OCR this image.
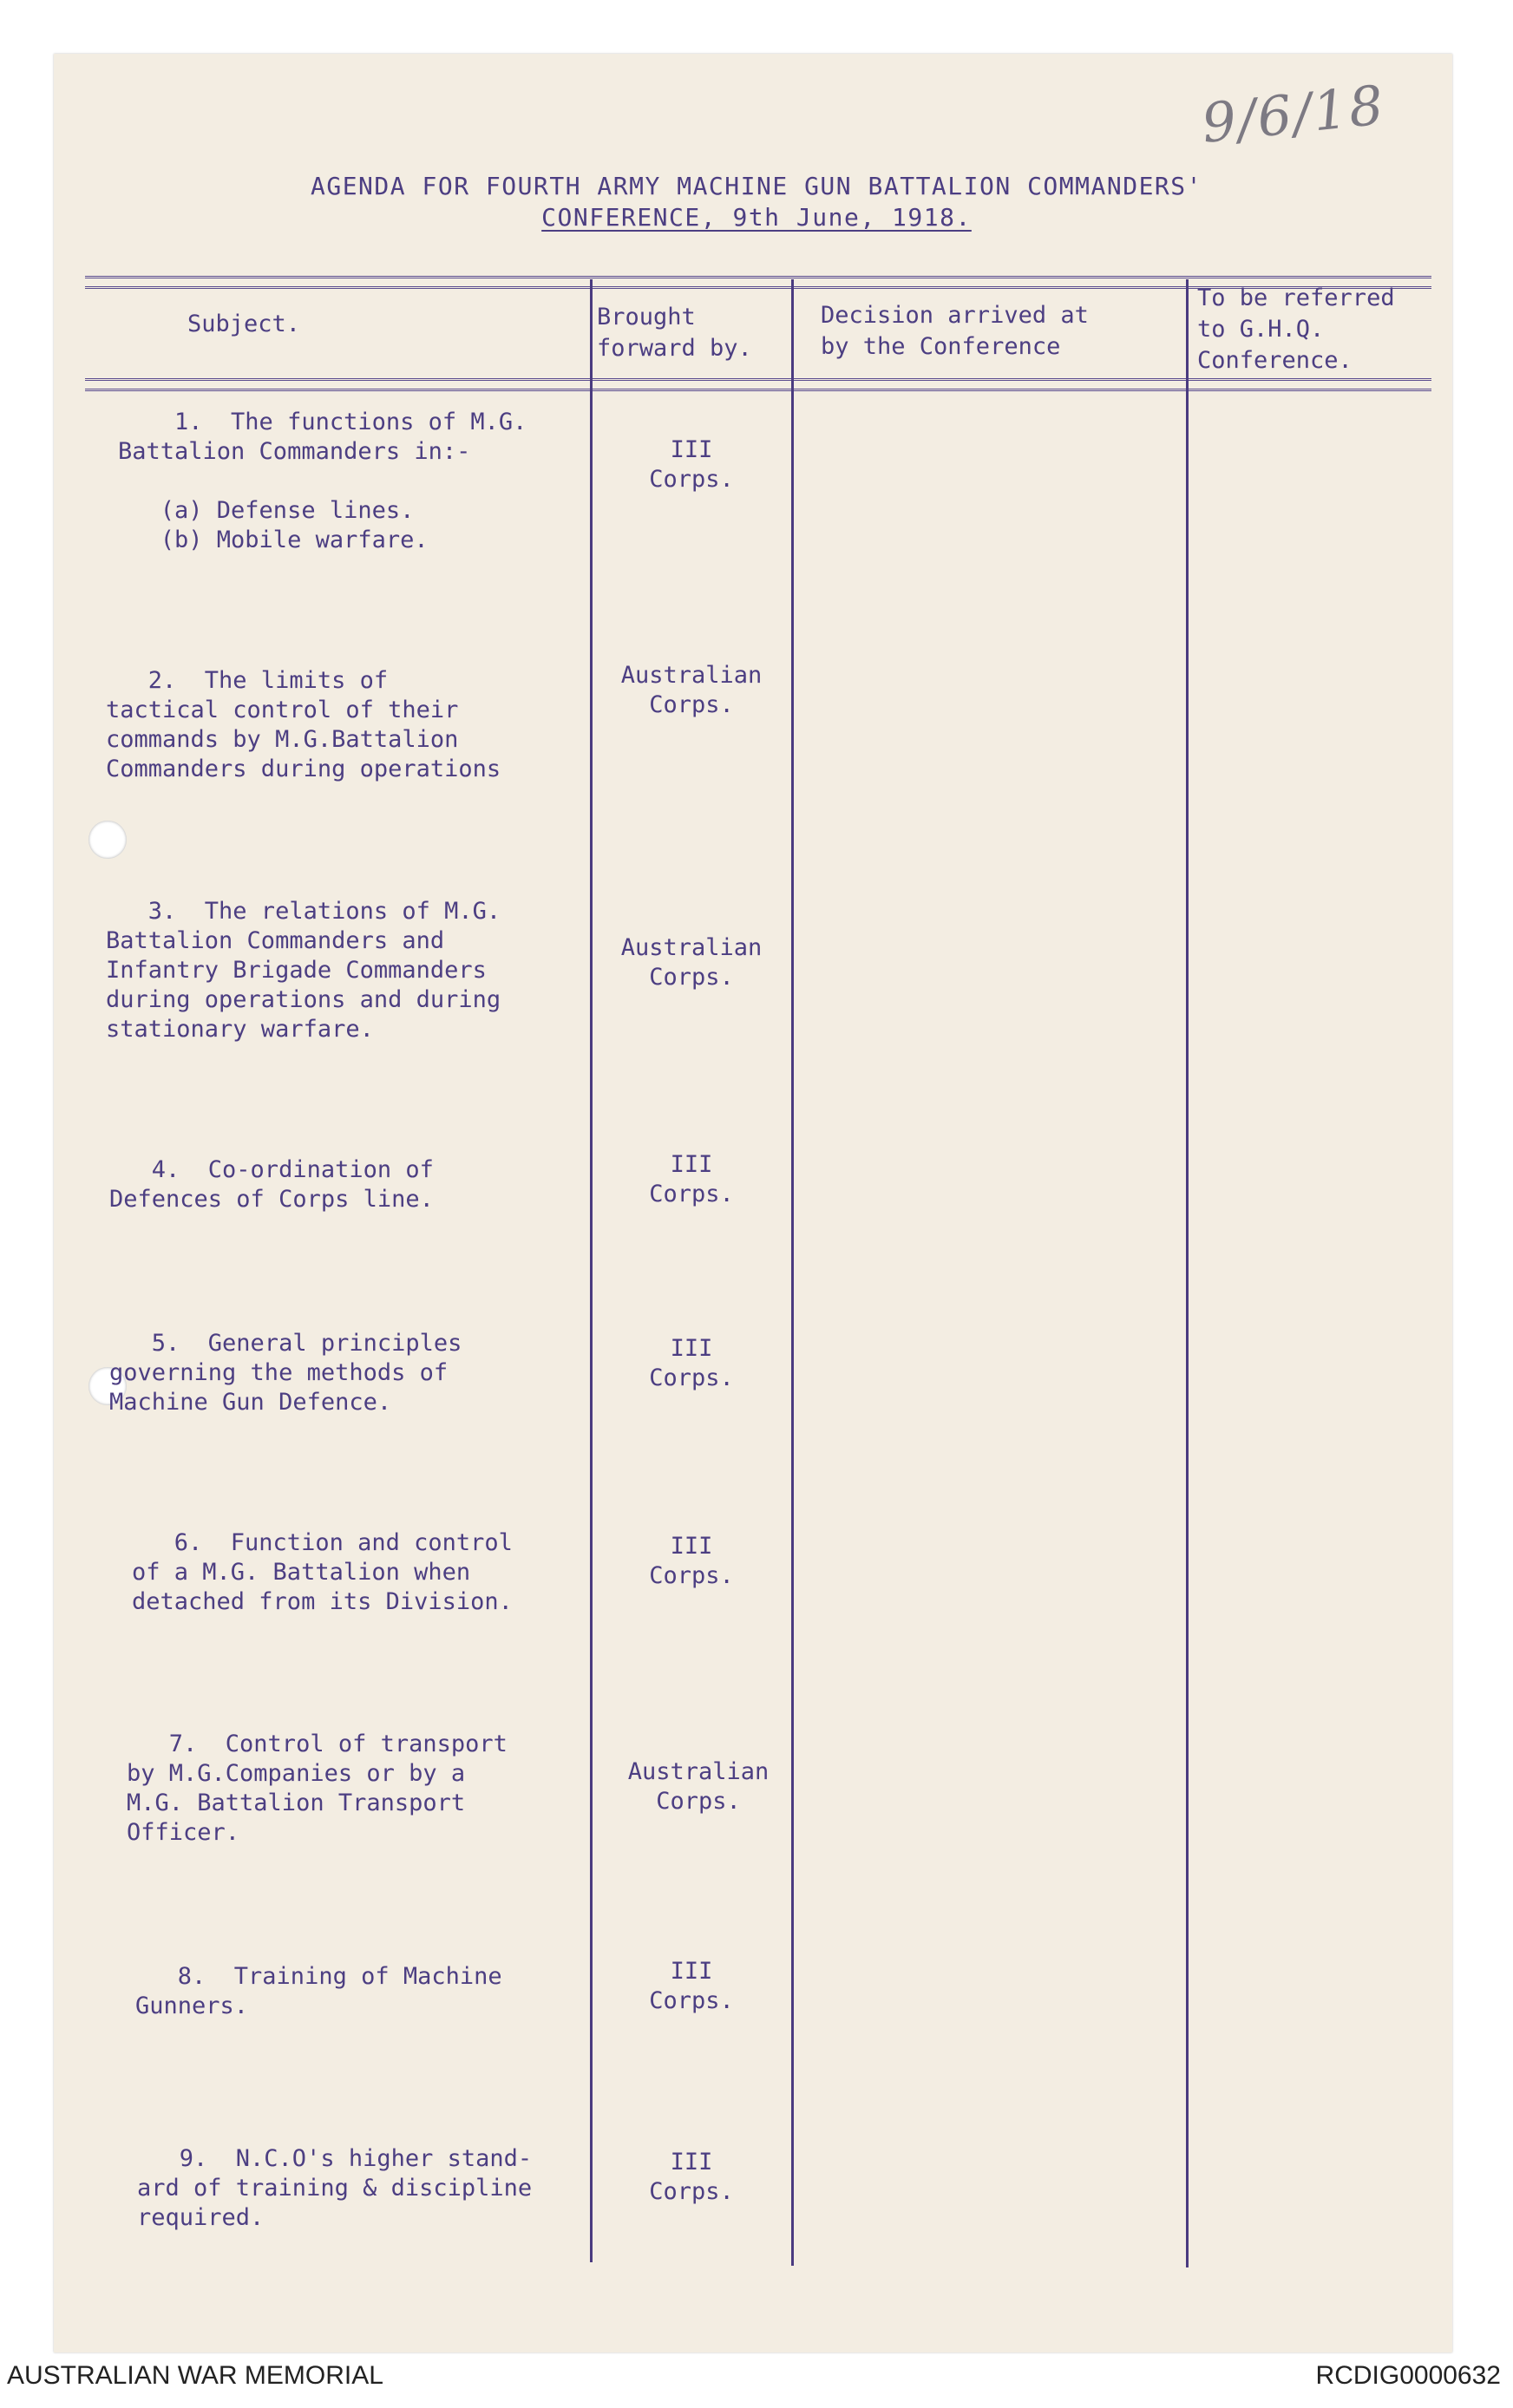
9/6/18
AGENDA FOR FOURTH ARMY MACHINE GUN BATTALION COMMANDERS'
CONFERENCE, 9th June, 1918.
Subject.	Brought
forward by.
Decision arrived at
by the Conference
To be referred
to G.H.Q.
Conference.
1.  The functions of M.G.
Battalion Commanders in:-

(a) Defense lines.
(b) Mobile warfare.
III
Corps.
2.  The limits of
tactical control of their
commands by M.G.Battalion
Commanders during operations
Australian
Corps.
3.  The relations of M.G.
Battalion Commanders and
Infantry Brigade Commanders
during operations and during
stationary warfare.
Australian
Corps.
4.  Co-ordination of
Defences of Corps line.
III
Corps.
5.  General principles
governing the methods of
Machine Gun Defence.
III
Corps.
6.  Function and control
of a M.G. Battalion when
detached from its Division.
III
Corps.
7.  Control of transport
by M.G.Companies or by a
M.G. Battalion Transport
Officer.
Australian
Corps.
8.  Training of Machine
Gunners.
III
Corps.
9.  N.C.O's higher stand-
ard of training & discipline
required.
III
Corps.
AUSTRALIAN WAR MEMORIAL	RCDIG0000632
